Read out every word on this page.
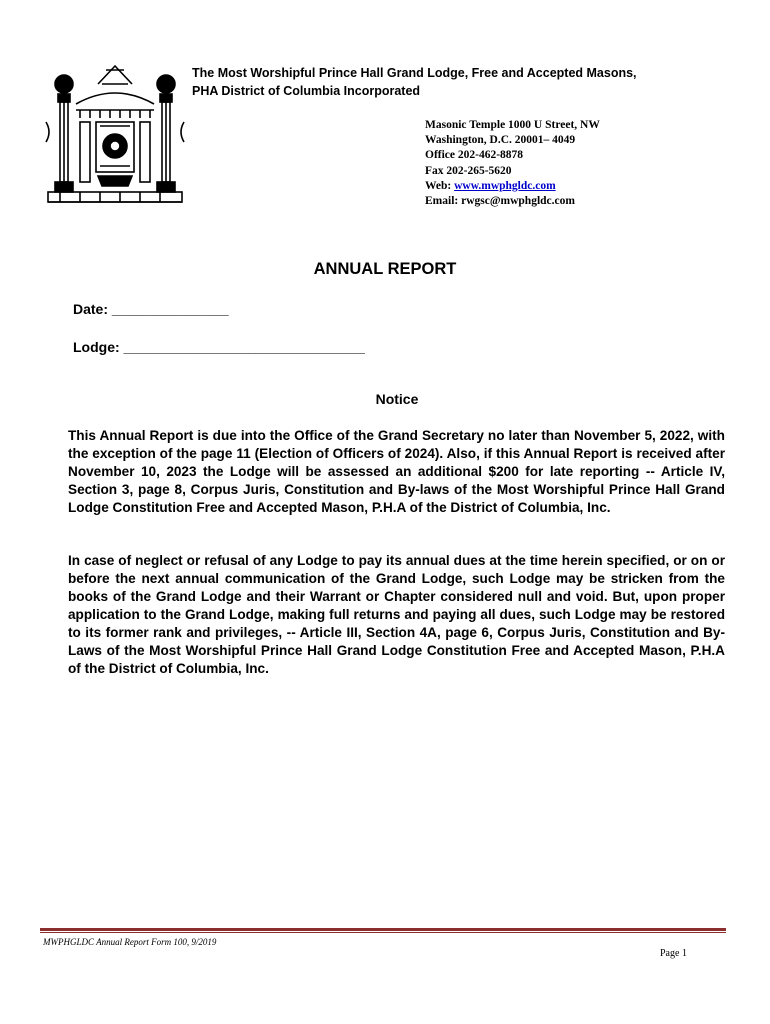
The Most Worshipful Prince Hall Grand Lodge, Free and Accepted Masons,
PHA District of Columbia Incorporated
Masonic Temple 1000 U Street, NW
Washington, D.C. 20001– 4049
Office 202-462-8878
Fax 202-265-5620
Web: www.mwphgldc.com
Email: rwgsc@mwphgldc.com
ANNUAL REPORT
Date: _______________
Lodge: _______________________________
Notice
This Annual Report is due into the Office of the Grand Secretary no later than November 5, 2022, with the exception of the page 11 (Election of Officers of 2024). Also, if this Annual Report is received after November 10, 2023 the Lodge will be assessed an additional $200 for late reporting -- Article IV, Section 3, page 8, Corpus Juris, Constitution and By-laws of the Most Worshipful Prince Hall Grand Lodge Constitution Free and Accepted Mason, P.H.A of the District of Columbia, Inc.
In case of neglect or refusal of any Lodge to pay its annual dues at the time herein specified, or on or before the next annual communication of the Grand Lodge, such Lodge may be stricken from the books of the Grand Lodge and their Warrant or Chapter considered null and void. But, upon proper application to the Grand Lodge, making full returns and paying all dues, such Lodge may be restored to its former rank and privileges, -- Article III, Section 4A, page 6, Corpus Juris, Constitution and By-Laws of the Most Worshipful Prince Hall Grand Lodge Constitution Free and Accepted Mason, P.H.A of the District of Columbia, Inc.
MWPHGLDC Annual Report Form 100, 9/2019
Page 1
